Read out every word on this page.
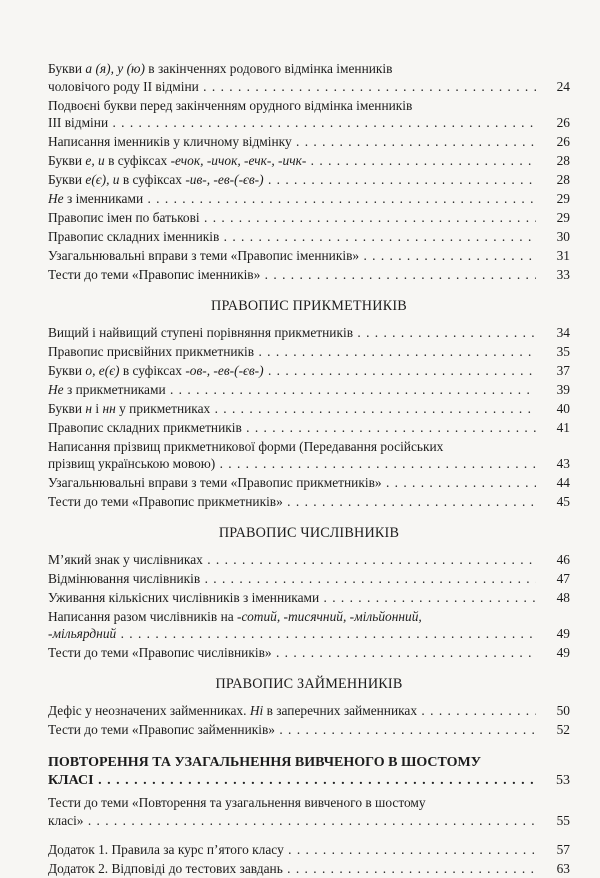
Букви а (я), у (ю) в закінченнях родового відмінка іменників
чоловічого роду ІІ відміни . . .	24
Подвоєні букви перед закінченням орудного відмінка іменників
ІІІ відміни . . .	26
Написання іменників у кличному відмінку . . .	26
Букви е, и в суфіксах -ечок, -ичок, -ечк-, -ичк- . . .	28
Букви е(є), и в суфіксах -ив-, -ев-(-єв-) . . .	28
Не з іменниками . . .	29
Правопис імен по батькові . . .	29
Правопис складних іменників . . .	30
Узагальнювальні вправи з теми «Правопис іменників» . . .	31
Тести до теми «Правопис іменників» . . .	33
ПРАВОПИС ПРИКМЕТНИКІВ
Вищий і найвищий ступені порівняння прикметників . . .	34
Правопис присвійних прикметників . . .	35
Букви о, е(є) в суфіксах -ов-, -ев-(-єв-) . . .	37
Не з прикметниками . . .	39
Букви н і нн у прикметниках . . .	40
Правопис складних прикметників . . .	41
Написання прізвищ прикметникової форми (Передавання російських
прізвищ українською мовою) . . .	43
Узагальнювальні вправи з теми «Правопис прикметників» . . .	44
Тести до теми «Правопис прикметників» . . .	45
ПРАВОПИС ЧИСЛІВНИКІВ
М’який знак у числівниках . . .	46
Відмінювання числівників . . .	47
Уживання кількісних числівників з іменниками . . .	48
Написання разом числівників на -сотий, -тисячний, -мільйонний,
-мільярдний . . .	49
Тести до теми «Правопис числівників» . . .	49
ПРАВОПИС ЗАЙМЕННИКІВ
Дефіс у неозначених займенниках. Ні в заперечних займенниках . . .	50
Тести до теми «Правопис займенників» . . .	52
ПОВТОРЕННЯ ТА УЗАГАЛЬНЕННЯ ВИВЧЕНОГО В ШОСТОМУ
КЛАСІ . . .	53
Тести до теми «Повторення та узагальнення вивченого в шостому
класі» . . .	55
Додаток 1. Правила за курс п’ятого класу . . .	57
Додаток 2. Відповіді до тестових завдань . . .	63
